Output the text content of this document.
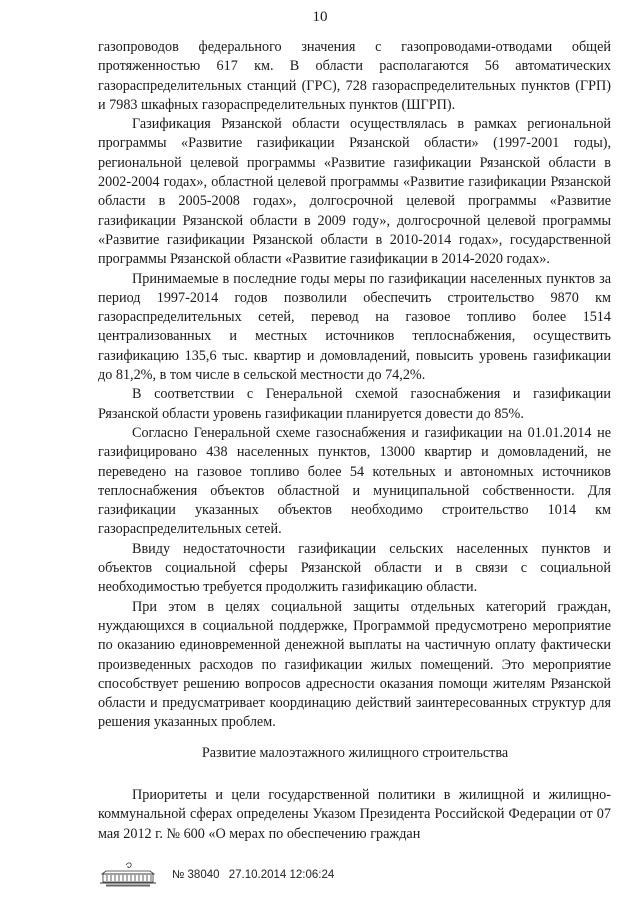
10

газопроводов федерального значения с газопроводами-отводами общей протяженностью 617 км. В области располагаются 56 автоматических газораспределительных станций (ГРС), 728 газораспределительных пунктов (ГРП) и 7983 шкафных газораспределительных пунктов (ШГРП).

Газификация Рязанской области осуществлялась в рамках региональной программы «Развитие газификации Рязанской области» (1997-2001 годы), региональной целевой программы «Развитие газификации Рязанской области в 2002-2004 годах», областной целевой программы «Развитие газификации Рязанской области в 2005-2008 годах», долгосрочной целевой программы «Развитие газификации Рязанской области в 2009 году», долгосрочной целевой программы «Развитие газификации Рязанской области в 2010-2014 годах», государственной программы Рязанской области «Развитие газификации в 2014-2020 годах».

Принимаемые в последние годы меры по газификации населенных пунктов за период 1997-2014 годов позволили обеспечить строительство 9870 км газораспределительных сетей, перевод на газовое топливо более 1514 централизованных и местных источников теплоснабжения, осуществить газификацию 135,6 тыс. квартир и домовладений, повысить уровень газификации до 81,2%, в том числе в сельской местности до 74,2%.

В соответствии с Генеральной схемой газоснабжения и газификации Рязанской области уровень газификации планируется довести до 85%.

Согласно Генеральной схеме газоснабжения и газификации на 01.01.2014 не газифицировано 438 населенных пунктов, 13000 квартир и домовладений, не переведено на газовое топливо более 54 котельных и автономных источников теплоснабжения объектов областной и муниципальной собственности. Для газификации указанных объектов необходимо строительство 1014 км газораспределительных сетей.

Ввиду недостаточности газификации сельских населенных пунктов и объектов социальной сферы Рязанской области и в связи с социальной необходимостью требуется продолжить газификацию области.

При этом в целях социальной защиты отдельных категорий граждан, нуждающихся в социальной поддержке, Программой предусмотрено мероприятие по оказанию единовременной денежной выплаты на частичную оплату фактически произведенных расходов по газификации жилых помещений. Это мероприятие способствует решению вопросов адресности оказания помощи жителям Рязанской области и предусматривает координацию действий заинтересованных структур для решения указанных проблем.

Развитие малоэтажного жилищного строительства

Приоритеты и цели государственной политики в жилищной и жилищно-коммунальной сферах определены Указом Президента Российской Федерации от 07 мая 2012 г. № 600 «О мерах по обеспечению граждан

№ 38040 27.10.2014 12:06:24
